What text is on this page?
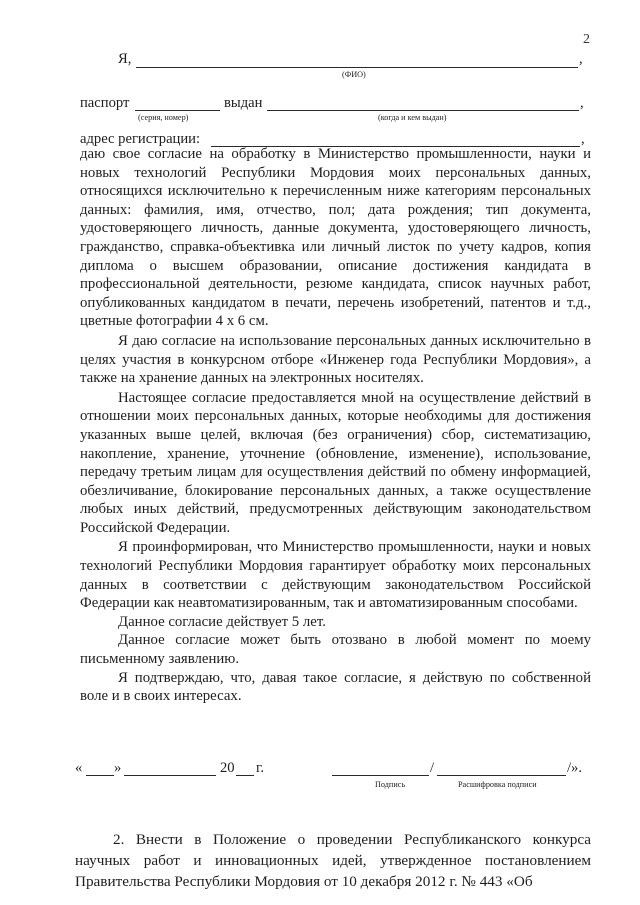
2
Я,	,
(ФИО)
паспорт	выдан	,
(серия, номер)	(когда и кем выдан)
адрес регистрации:	,

даю свое согласие на обработку в Министерство промышленности, науки и новых технологий Республики Мордовия моих персональных данных, относящихся исключительно к перечисленным ниже категориям персональных данных: фамилия, имя, отчество, пол; дата рождения; тип документа, удостоверяющего личность, данные документа, удостоверяющего личность, гражданство, справка-объективка или личный листок по учету кадров, копия диплома о высшем образовании, описание достижения кандидата в профессиональной деятельности, резюме кандидата, список научных работ, опубликованных кандидатом в печати, перечень изобретений, патентов и т.д., цветные фотографии 4 х 6 см.

Я даю согласие на использование персональных данных исключительно в целях участия в конкурсном отборе «Инженер года Республики Мордовия», а также на хранение данных на электронных носителях.

Настоящее согласие предоставляется мной на осуществление действий в отношении моих персональных данных, которые необходимы для достижения указанных выше целей, включая (без ограничения) сбор, систематизацию, накопление, хранение, уточнение (обновление, изменение), использование, передачу третьим лицам для осуществления действий по обмену информацией, обезличивание, блокирование персональных данных, а также осуществление любых иных действий, предусмотренных действующим законодательством Российской Федерации.

Я проинформирован, что Министерство промышленности, науки и новых технологий Республики Мордовия гарантирует обработку моих персональных данных в соответствии с действующим законодательством Российской Федерации как неавтоматизированным, так и автоматизированным способами.

Данное согласие действует 5 лет.

Данное согласие может быть отозвано в любой момент по моему письменному заявлению.

Я подтверждаю, что, давая такое согласие, я действую по собственной воле и в своих интересах.

« »	20 г.	/	/».
Подпись	Расшифровка подписи

2. Внести в Положение о проведении Республиканского конкурса научных работ и инновационных идей, утвержденное постановлением Правительства Республики Мордовия от 10 декабря 2012 г. № 443 «Об
